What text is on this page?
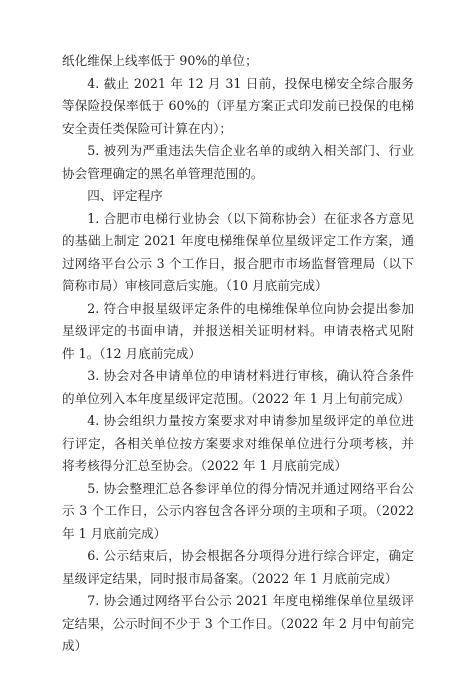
纸化维保上线率低于 90%的单位；

4. 截止 2021 年 12 月 31 日前，投保电梯安全综合服务等保险投保率低于 60%的（评星方案正式印发前已投保的电梯安全责任类保险可计算在内）；

5. 被列为严重违法失信企业名单的或纳入相关部门、行业协会管理确定的黑名单管理范围的。

四、评定程序

1. 合肥市电梯行业协会（以下简称协会）在征求各方意见的基础上制定 2021 年度电梯维保单位星级评定工作方案，通过网络平台公示 3 个工作日，报合肥市市场监督管理局（以下简称市局）审核同意后实施。（10 月底前完成）

2. 符合申报星级评定条件的电梯维保单位向协会提出参加星级评定的书面申请，并报送相关证明材料。申请表格式见附件 1。（12 月底前完成）

3. 协会对各申请单位的申请材料进行审核，确认符合条件的单位列入本年度星级评定范围。（2022 年 1 月上旬前完成）

4. 协会组织力量按方案要求对申请参加星级评定的单位进行评定，各相关单位按方案要求对维保单位进行分项考核，并将考核得分汇总至协会。（2022 年 1 月底前完成）

5. 协会整理汇总各参评单位的得分情况并通过网络平台公示 3 个工作日，公示内容包含各评分项的主项和子项。（2022 年 1 月底前完成）

6. 公示结束后，协会根据各分项得分进行综合评定，确定星级评定结果，同时报市局备案。（2022 年 1 月底前完成）

7. 协会通过网络平台公示 2021 年度电梯维保单位星级评定结果，公示时间不少于 3 个工作日。（2022 年 2 月中旬前完成）
